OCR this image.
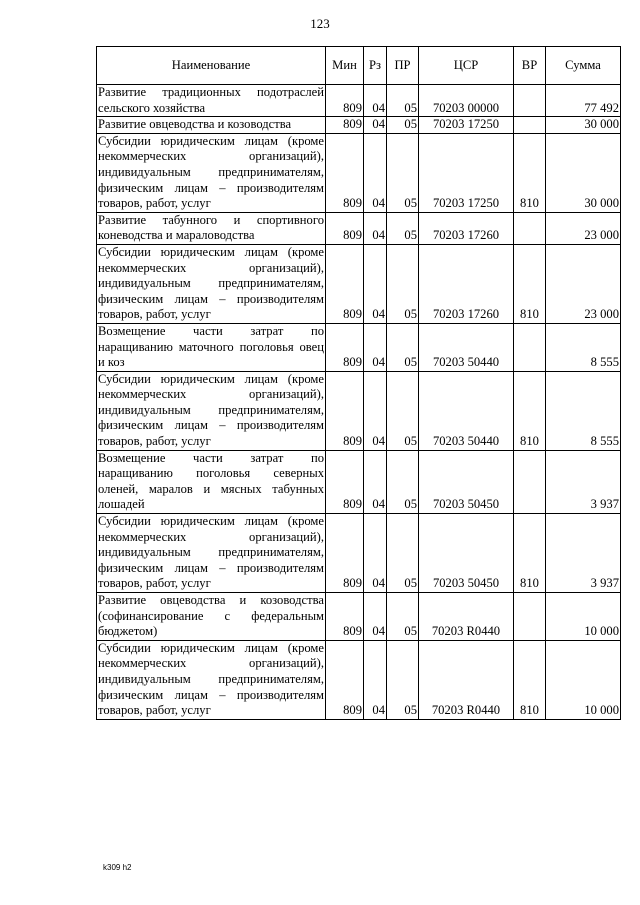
123
Наименование	Мин	Рз	ПР	ЦСР	ВР	Сумма
Развитие традиционных подотраслей сельского хозяйства	809	04	05	70203 00000		77 492
Развитие овцеводства и козоводства	809	04	05	70203 17250		30 000
Субсидии юридическим лицам (кроме некоммерческих организаций), индивидуальным предпринимателям, физическим лицам – производителям товаров, работ, услуг	809	04	05	70203 17250	810	30 000
Развитие табунного и спортивного коневодства и мараловодства	809	04	05	70203 17260		23 000
Субсидии юридическим лицам (кроме некоммерческих организаций), индивидуальным предпринимателям, физическим лицам – производителям товаров, работ, услуг	809	04	05	70203 17260	810	23 000
Возмещение части затрат по наращиванию маточного поголовья овец и коз	809	04	05	70203 50440		8 555
Субсидии юридическим лицам (кроме некоммерческих организаций), индивидуальным предпринимателям, физическим лицам – производителям товаров, работ, услуг	809	04	05	70203 50440	810	8 555
Возмещение части затрат по наращиванию поголовья северных оленей, маралов и мясных табунных лошадей	809	04	05	70203 50450		3 937
Субсидии юридическим лицам (кроме некоммерческих организаций), индивидуальным предпринимателям, физическим лицам – производителям товаров, работ, услуг	809	04	05	70203 50450	810	3 937
Развитие овцеводства и козоводства (софинансирование с федеральным бюджетом)	809	04	05	70203 R0440		10 000
Субсидии юридическим лицам (кроме некоммерческих организаций), индивидуальным предпринимателям, физическим лицам – производителям товаров, работ, услуг	809	04	05	70203 R0440	810	10 000
k309 h2
